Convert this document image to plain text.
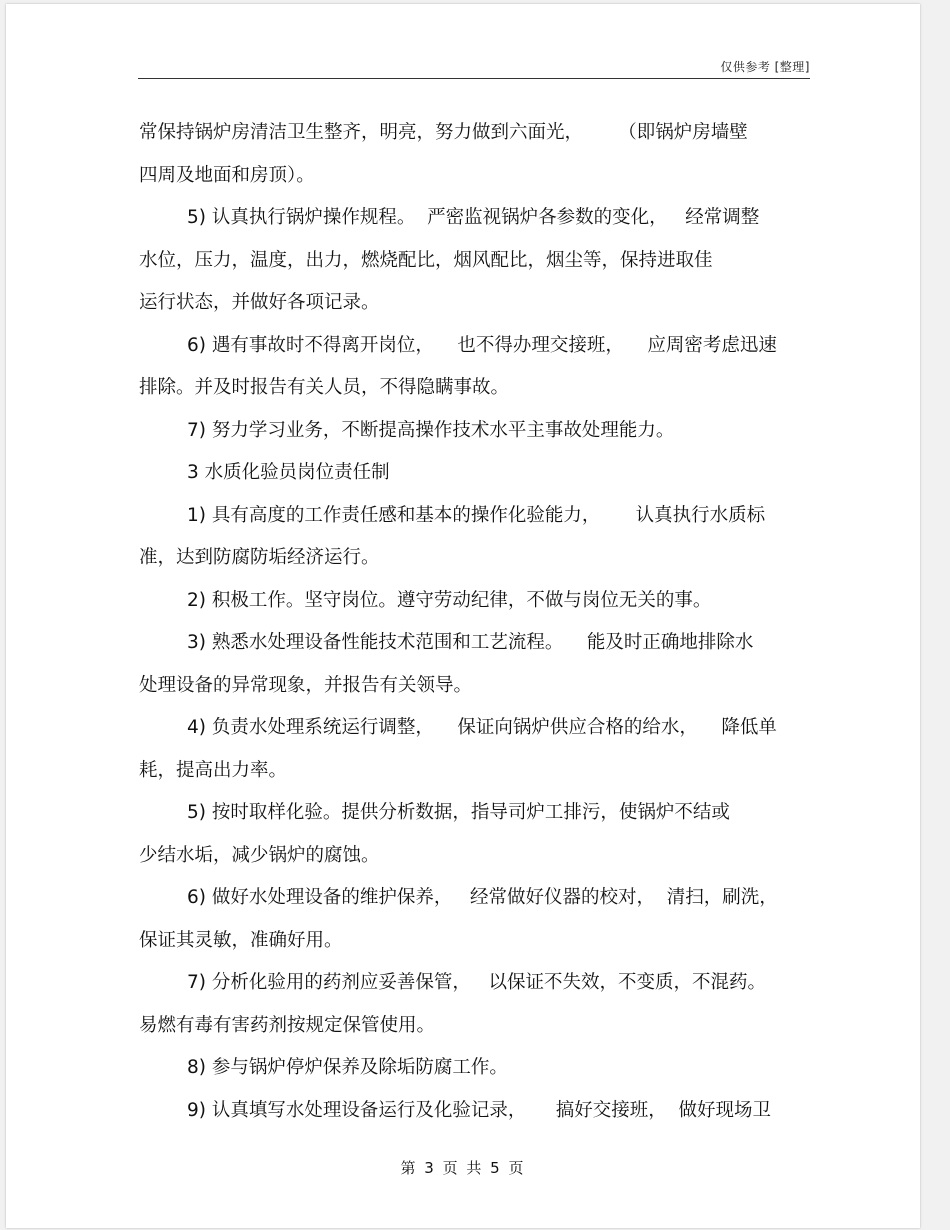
仅供参考 [整理]
常保持锅炉房清洁卫生整齐，明亮，努力做到六面光，      （即锅炉房墙壁
四周及地面和房顶）。
5) 认真执行锅炉操作规程。  严密监视锅炉各参数的变化，   经常调整
水位，压力，温度，出力，燃烧配比，烟风配比，烟尘等，保持进取佳
运行状态，并做好各项记录。
6) 遇有事故时不得离开岗位，    也不得办理交接班，    应周密考虑迅速
排除。并及时报告有关人员，不得隐瞒事故。
7) 努力学习业务，不断提高操作技术水平主事故处理能力。
3 水质化验员岗位责任制
1) 具有高度的工作责任感和基本的操作化验能力，      认真执行水质标
准，达到防腐防垢经济运行。
2) 积极工作。坚守岗位。遵守劳动纪律，不做与岗位无关的事。
3) 熟悉水处理设备性能技术范围和工艺流程。    能及时正确地排除水
处理设备的异常现象，并报告有关领导。
4) 负责水处理系统运行调整，    保证向锅炉供应合格的给水，    降低单
耗，提高出力率。
5) 按时取样化验。提供分析数据，指导司炉工排污，使锅炉不结或
少结水垢，减少锅炉的腐蚀。
6) 做好水处理设备的维护保养，   经常做好仪器的校对，  清扫，刷洗，
保证其灵敏，准确好用。
7) 分析化验用的药剂应妥善保管，   以保证不失效，不变质，不混药。
易燃有毒有害药剂按规定保管使用。
8) 参与锅炉停炉保养及除垢防腐工作。
9) 认真填写水处理设备运行及化验记录，     搞好交接班，  做好现场卫
第 3 页 共 5 页
